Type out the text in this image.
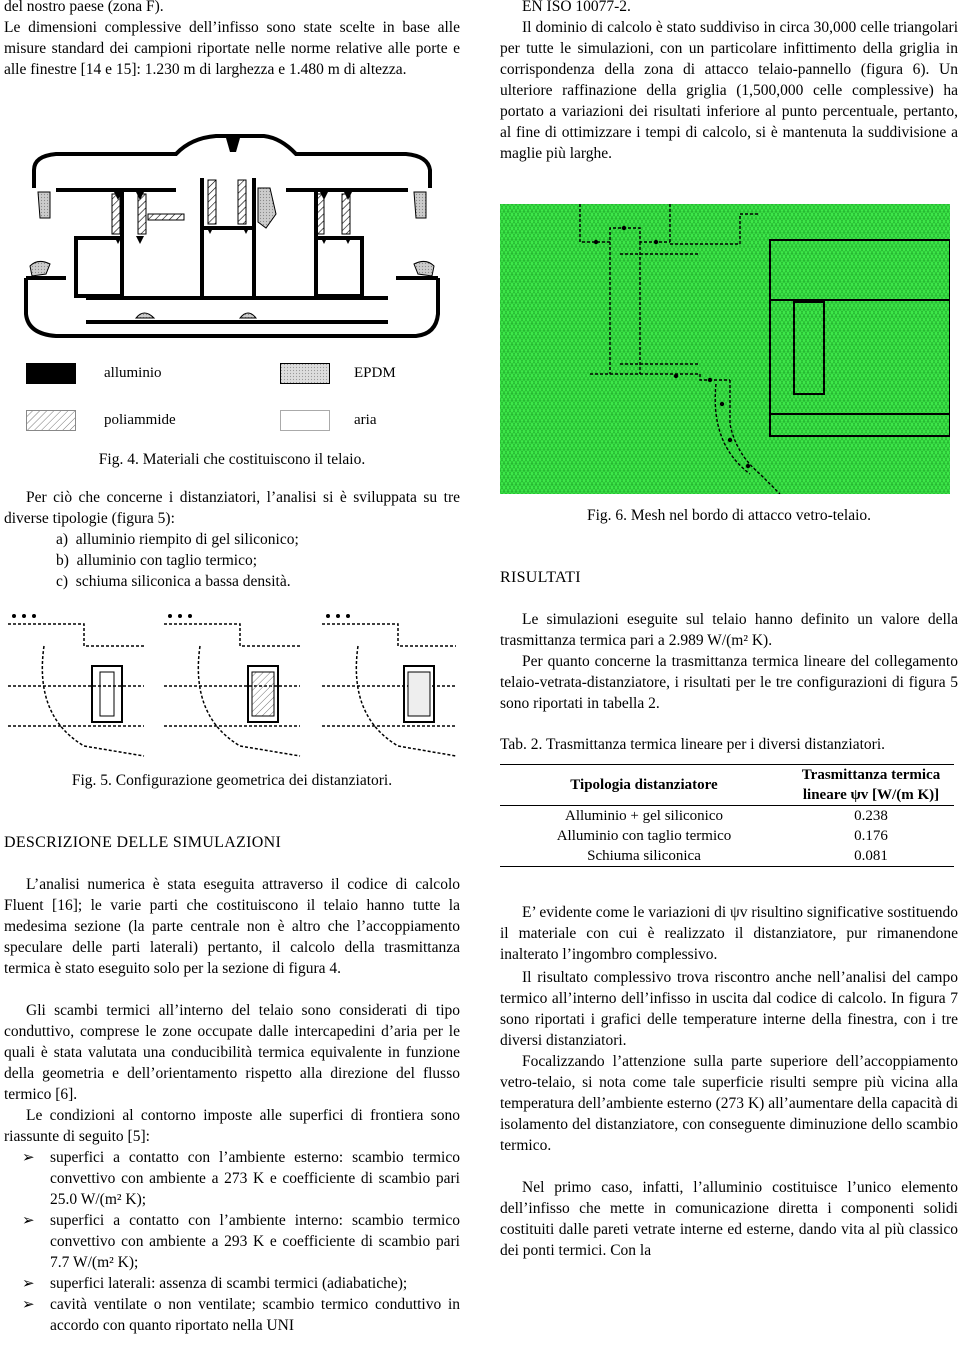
del nostro paese (zona F).

Le dimensioni complessive dell’infisso sono state scelte in base alle misure standard dei campioni riportate nelle norme relative alle porte e alle finestre [14 e 15]: 1.230 m di larghezza e 1.480 m di altezza.

alluminio	EPDM
poliammide	aria

Fig. 4. Materiali che costituiscono il telaio.

Per ciò che concerne i distanziatori, l’analisi si è sviluppata su tre diverse tipologie (figura 5):

a)  alluminio riempito di gel siliconico;
b)  alluminio con taglio termico;
c)  schiuma siliconica a bassa densità.

Fig. 5. Configurazione geometrica dei distanziatori.

DESCRIZIONE DELLE SIMULAZIONI

L’analisi numerica è stata eseguita attraverso il codice di calcolo Fluent [16]; le varie parti che costituiscono il telaio hanno tutte la medesima sezione (la parte centrale non è altro che l’accoppiamento speculare delle parti laterali) pertanto, il calcolo della trasmittanza termica è stato eseguito solo per la sezione di figura 4.

Gli scambi termici all’interno del telaio sono considerati di tipo conduttivo, comprese le zone occupate dalle intercapedini d’aria per le quali è stata valutata una conducibilità termica equivalente in funzione della geometria e dell’orientamento rispetto alla direzione del flusso termico [6].

Le condizioni al contorno imposte alle superfici di frontiera sono riassunte di seguito [5]:

➢ superfici a contatto con l’ambiente esterno: scambio termico convettivo con ambiente a 273 K e coefficiente di scambio pari 25.0 W/(m² K);
➢ superfici a contatto con l’ambiente interno: scambio termico convettivo con ambiente a 293 K e coefficiente di scambio pari 7.7 W/(m² K);
➢ superfici laterali: assenza di scambi termici (adiabatiche);
➢ cavità ventilate o non ventilate; scambio termico conduttivo in accordo con quanto riportato nella UNI

EN ISO 10077-2.

Il dominio di calcolo è stato suddiviso in circa 30,000 celle triangolari per tutte le simulazioni, con un particolare infittimento della griglia in corrispondenza della zona di attacco telaio-pannello (figura 6). Un ulteriore raffinazione della griglia (1,500,000 celle complessive) ha portato a variazioni dei risultati inferiore al punto percentuale, pertanto, al fine di ottimizzare i tempi di calcolo, si è mantenuta la suddivisione a maglie più larghe.

Fig. 6. Mesh nel bordo di attacco vetro-telaio.

RISULTATI

Le simulazioni eseguite sul telaio hanno definito un valore della trasmittanza termica pari a 2.989 W/(m² K).

Per quanto concerne la trasmittanza termica lineare del collegamento telaio-vetrata-distanziatore, i risultati per le tre configurazioni di figura 5 sono riportati in tabella 2.

Tab. 2. Trasmittanza termica lineare per i diversi distanziatori.

Tipologia distanziatore	Trasmittanza termica
lineare ψv [W/(m K)]

Alluminio + gel siliconico	0.238
Alluminio con taglio termico	0.176
Schiuma siliconica	0.081

E’ evidente come le variazioni di ψv risultino significative sostituendo il materiale con cui è realizzato il distanziatore, pur rimanendone inalterato l’ingombro complessivo.

Il risultato complessivo trova riscontro anche nell’analisi del campo termico all’interno dell’infisso in uscita dal codice di calcolo. In figura 7 sono riportati i grafici delle temperature interne della finestra, con i tre diversi distanziatori.

Focalizzando l’attenzione sulla parte superiore dell’accoppiamento vetro-telaio, si nota come tale superficie risulti sempre più vicina alla temperatura dell’ambiente esterno (273 K) all’aumentare della capacità di isolamento del distanziatore, con conseguente diminuzione dello scambio termico.

Nel primo caso, infatti, l’alluminio costituisce l’unico elemento dell’infisso che mette in comunicazione diretta i componenti solidi costituiti dalle pareti vetrate interne ed esterne, dando vita al più classico dei ponti termici. Con la
